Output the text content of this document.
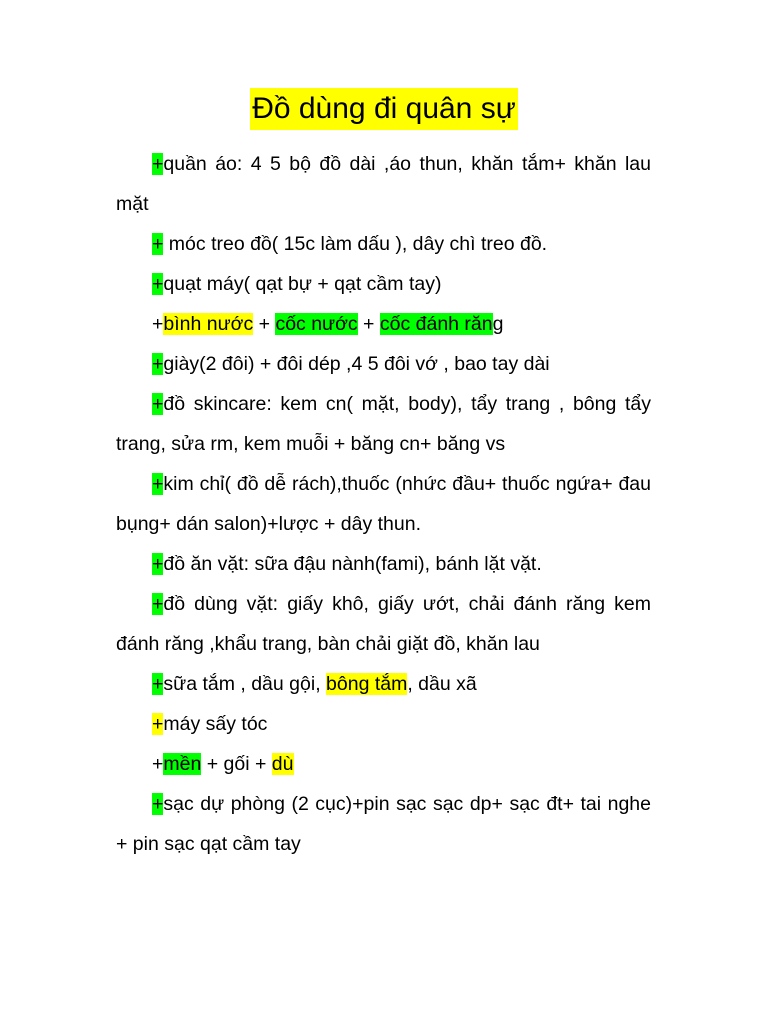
Đồ dùng đi quân sự

+quần áo: 4 5 bộ đồ dài ,áo thun, khăn tắm+ khăn lau mặt

+ móc treo đồ( 15c làm dấu ), dây chì treo đồ.

+quạt máy( qạt bự + qạt cầm tay)

+bình nước + cốc nước + cốc đánh răng

+giày(2 đôi) + đôi dép ,4 5 đôi vớ , bao tay dài

+đồ skincare: kem cn( mặt, body), tẩy trang , bông tẩy trang, sửa rm, kem muỗi + băng cn+ băng vs

+kim chỉ( đồ dễ rách),thuốc (nhức đầu+ thuốc ngứa+ đau bụng+ dán salon)+lược + dây thun.

+đồ ăn vặt: sữa đậu nành(fami), bánh lặt vặt.

+đồ dùng vặt: giấy khô, giấy ướt, chải đánh răng kem đánh răng ,khẩu trang, bàn chải giặt đồ, khăn lau

+sữa tắm , dầu gội, bông tắm, dầu xã

+máy sấy tóc

+mền + gối + dù

+sạc dự phòng (2 cục)+pin sạc sạc dp+ sạc đt+ tai nghe + pin sạc qạt cầm tay
